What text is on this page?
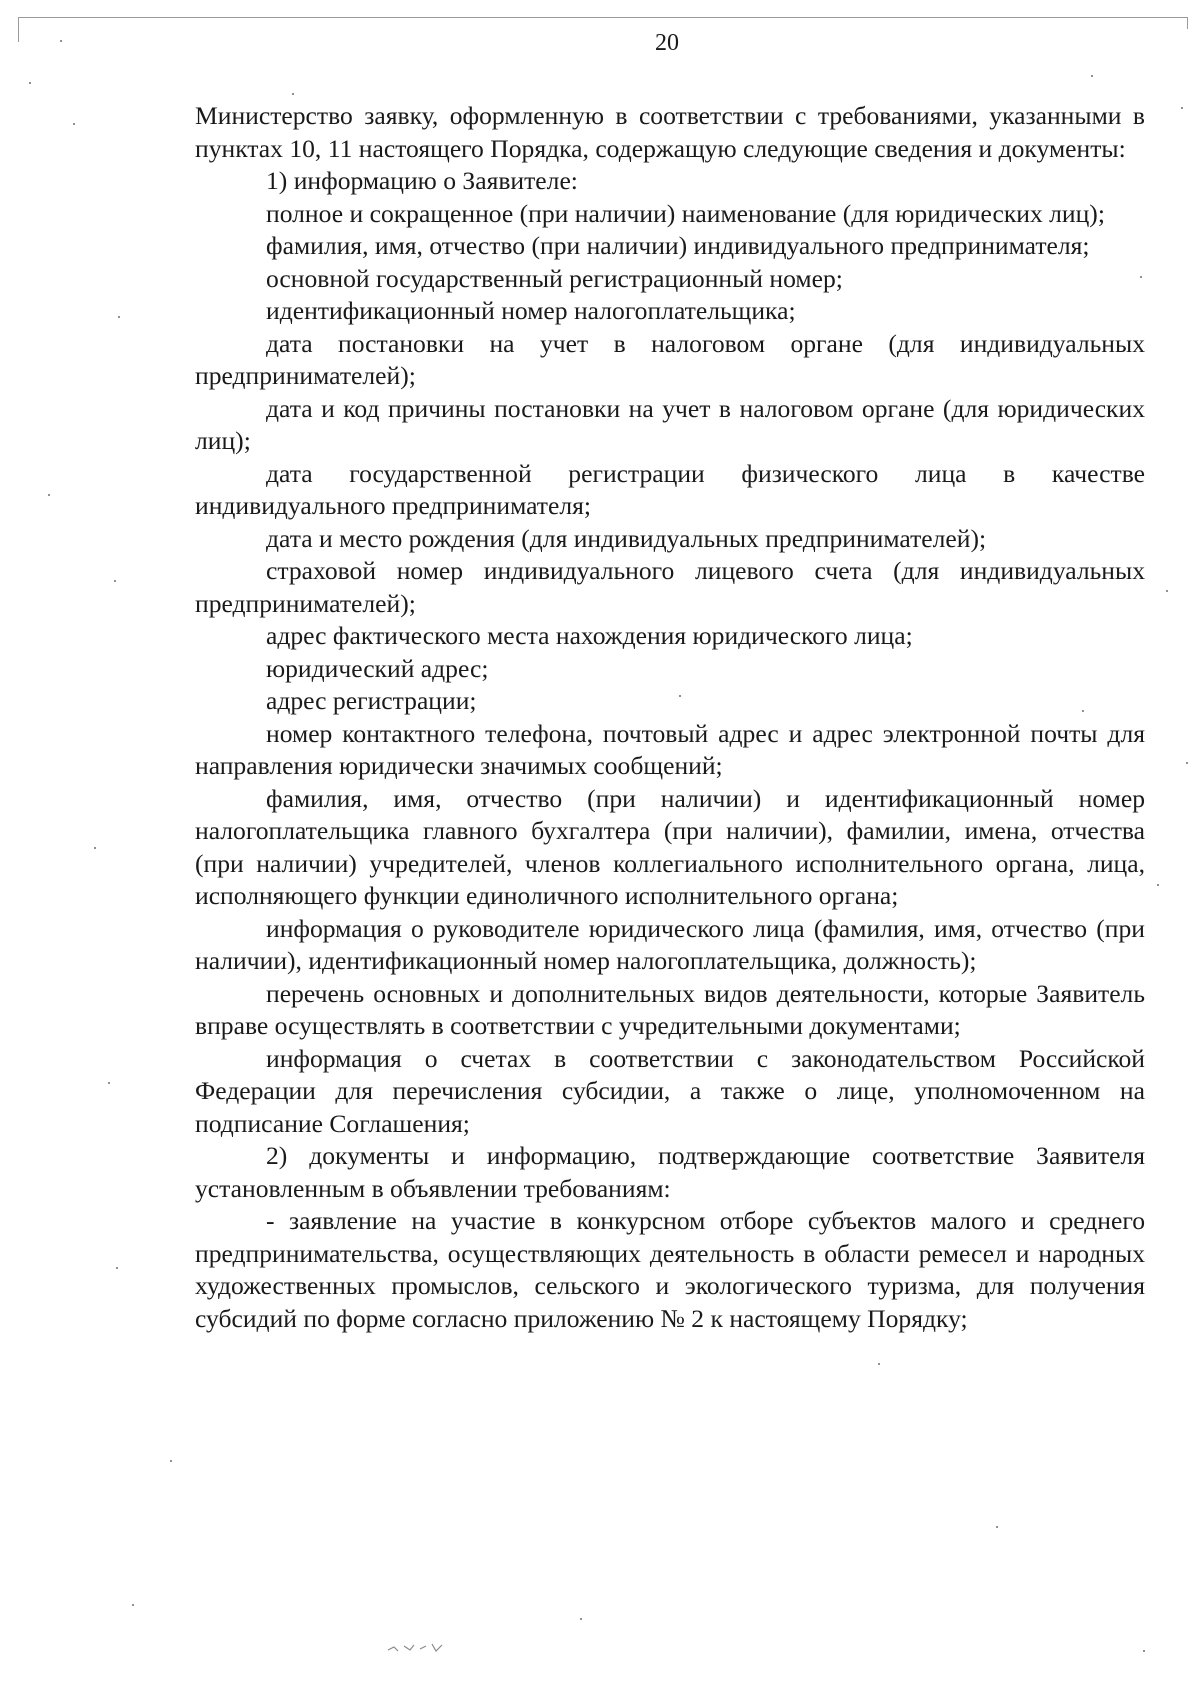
20

Министерство заявку, оформленную в соответствии с требованиями, указанными в пунктах 10, 11 настоящего Порядка, содержащую следующие сведения и документы:

1) информацию о Заявителе:

полное и сокращенное (при наличии) наименование (для юридических лиц);

фамилия, имя, отчество (при наличии) индивидуального предпринимателя;

основной государственный регистрационный номер;

идентификационный номер налогоплательщика;

дата постановки на учет в налоговом органе (для индивидуальных предпринимателей);

дата и код причины постановки на учет в налоговом органе (для юридических лиц);

дата государственной регистрации физического лица в качестве индивидуального предпринимателя;

дата и место рождения (для индивидуальных предпринимателей);

страховой номер индивидуального лицевого счета (для индивидуальных предпринимателей);

адрес фактического места нахождения юридического лица;

юридический адрес;

адрес регистрации;

номер контактного телефона, почтовый адрес и адрес электронной почты для направления юридически значимых сообщений;

фамилия, имя, отчество (при наличии) и идентификационный номер налогоплательщика главного бухгалтера (при наличии), фамилии, имена, отчества (при наличии) учредителей, членов коллегиального исполнительного органа, лица, исполняющего функции единоличного исполнительного органа;

информация о руководителе юридического лица (фамилия, имя, отчество (при наличии), идентификационный номер налогоплательщика, должность);

перечень основных и дополнительных видов деятельности, которые Заявитель вправе осуществлять в соответствии с учредительными документами;

информация о счетах в соответствии с законодательством Российской Федерации для перечисления субсидии, а также о лице, уполномоченном на подписание Соглашения;

2) документы и информацию, подтверждающие соответствие Заявителя установленным в объявлении требованиям:

- заявление на участие в конкурсном отборе субъектов малого и среднего предпринимательства, осуществляющих деятельность в области ремесел и народных художественных промыслов, сельского и экологического туризма, для получения субсидий по форме согласно приложению № 2 к настоящему Порядку;
